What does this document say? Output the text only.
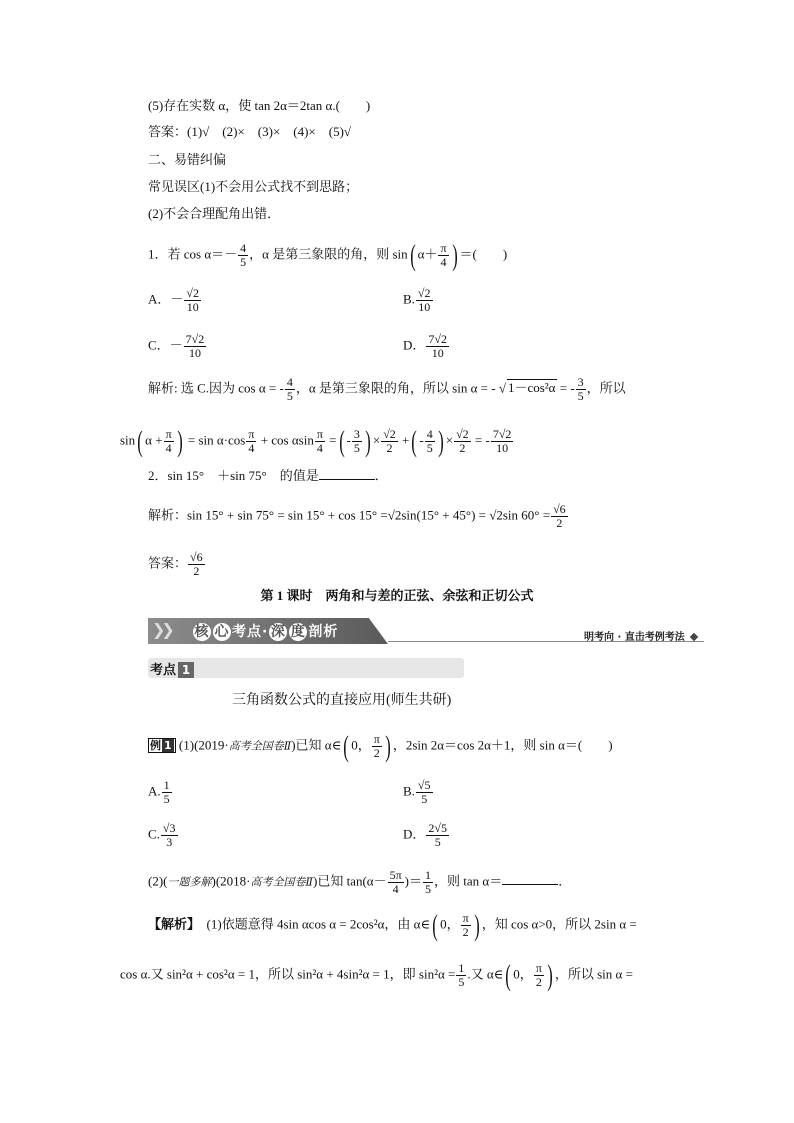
(5)存在实数 α，使 tan 2α＝2tan α.(　　)
答案：(1)√　(2)×　(3)×　(4)×　(5)√
二、易错纠偏
常见误区(1)不会用公式找不到思路；
(2)不会合理配角出错．
1．若 $\cos \alpha=- \frac{4}{5}$ ，α 是第三象限的角，则 sin( $\alpha+ \frac{\pi}{4}$ ) ＝(　　)
A．－ $\frac{√2}{10}$	B. $\frac{√2}{10}$
C．－ $\frac{7√2}{10}$	D． $\frac{7√2}{10}$
解析: 选 C.因为 cos α = - $\frac{4}{5}$ ，α 是第三象限的角，所以 sin α = - √ 1－cos²α = - $\frac{3}{5}$ ，所以
sin( $\alpha + \frac{\pi}{4}$ ) = $\sin \alpha\cdot\cos \frac{\pi}{4} + \cos \alpha\sin \frac{\pi}{4}$ =( - $\frac{3}{5}$ ) × $\frac{√2}{2}$ +( - $\frac{4}{5}$ ) × $\frac{√2}{2}$ = - $\frac{7√2}{10}$
2．sin 15°　＋sin 75°　的值是	．
解析：sin 15° + sin 75° = sin 15° + cos 15° =√2sin(15° + 45°) = √2sin $60^\circ = \frac{√6}{2}$
答案： $\frac{√6}{2}$
第 1 课时　两角和与差的正弦、余弦和正切公式
❯❯ 核 心 考点· 深 度 剖析	明考向 · 直击考例考法
考点 1
三角函数公式的直接应用(师生共研)
例 1 (1)(2019·高考全国卷Ⅱ)已知 α∈( 0， $\frac{\pi}{2}$ ) ，2sin 2α＝cos 2α＋1，则 sin α＝(　　)
A. $\frac{1}{5}$	B. $\frac{√5}{5}$
C. $\frac{√3}{3}$	D． $\frac{2√5}{5}$
(2)(一题多解)(2018·高考全国卷Ⅱ)已知 $\tan(\alpha- \frac{5\pi}{4}$ )＝ $\frac{1}{5}$ ，则 tan α＝	．
【解析】　 (1)依题意得 4sin αcos α = 2cos²α，由 α∈( 0， $\frac{\pi}{2}$ ) ，知 cos α>0，所以 2sin α =
cos α.又 sin²α + cos²α = 1，所以 sin²α + 4sin²α = 1，即 $\sin^2\alpha = \frac{1}{5}$ .又 α∈( 0， $\frac{\pi}{2}$ ) ，所以 sin α =
